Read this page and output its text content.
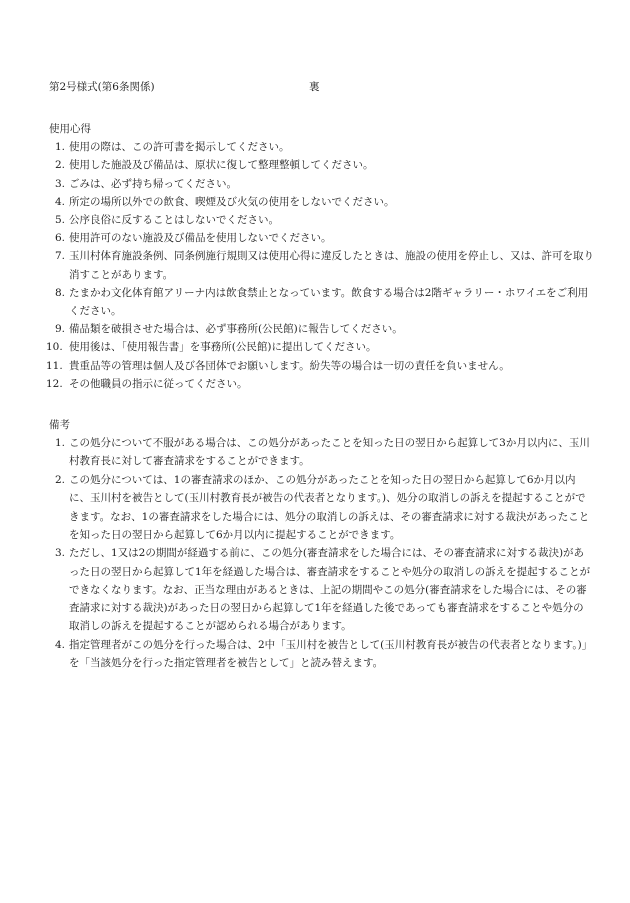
第2号様式(第6条関係)	裏

使用心得

1. 使用の際は、この許可書を掲示してください。
2. 使用した施設及び備品は、原状に復して整理整頓してください。
3. ごみは、必ず持ち帰ってください。
4. 所定の場所以外での飲食、喫煙及び火気の使用をしないでください。
5. 公序良俗に反することはしないでください。
6. 使用許可のない施設及び備品を使用しないでください。
7. 玉川村体育施設条例、同条例施行規則又は使用心得に違反したときは、施設の使用を停止し、又は、許可を取り消すことがあります。
8. たまかわ文化体育館アリーナ内は飲食禁止となっています。飲食する場合は2階ギャラリー・ホワイエをご利用ください。
9. 備品類を破損させた場合は、必ず事務所(公民館)に報告してください。
10. 使用後は、「使用報告書」を事務所(公民館)に提出してください。
11. 貴重品等の管理は個人及び各団体でお願いします。紛失等の場合は一切の責任を負いません。
12. その他職員の指示に従ってください。

備考

1. この処分について不服がある場合は、この処分があったことを知った日の翌日から起算して3か月以内に、玉川村教育長に対して審査請求をすることができます。
2. この処分については、1の審査請求のほか、この処分があったことを知った日の翌日から起算して6か月以内に、玉川村を被告として(玉川村教育長が被告の代表者となります。)、処分の取消しの訴えを提起することができます。なお、1の審査請求をした場合には、処分の取消しの訴えは、その審査請求に対する裁決があったことを知った日の翌日から起算して6か月以内に提起することができます。
3. ただし、1又は2の期間が経過する前に、この処分(審査請求をした場合には、その審査請求に対する裁決)があった日の翌日から起算して1年を経過した場合は、審査請求をすることや処分の取消しの訴えを提起することができなくなります。なお、正当な理由があるときは、上記の期間やこの処分(審査請求をした場合には、その審査請求に対する裁決)があった日の翌日から起算して1年を経過した後であっても審査請求をすることや処分の取消しの訴えを提起することが認められる場合があります。
4. 指定管理者がこの処分を行った場合は、2中「玉川村を被告として(玉川村教育長が被告の代表者となります。)」を「当該処分を行った指定管理者を被告として」と読み替えます。
